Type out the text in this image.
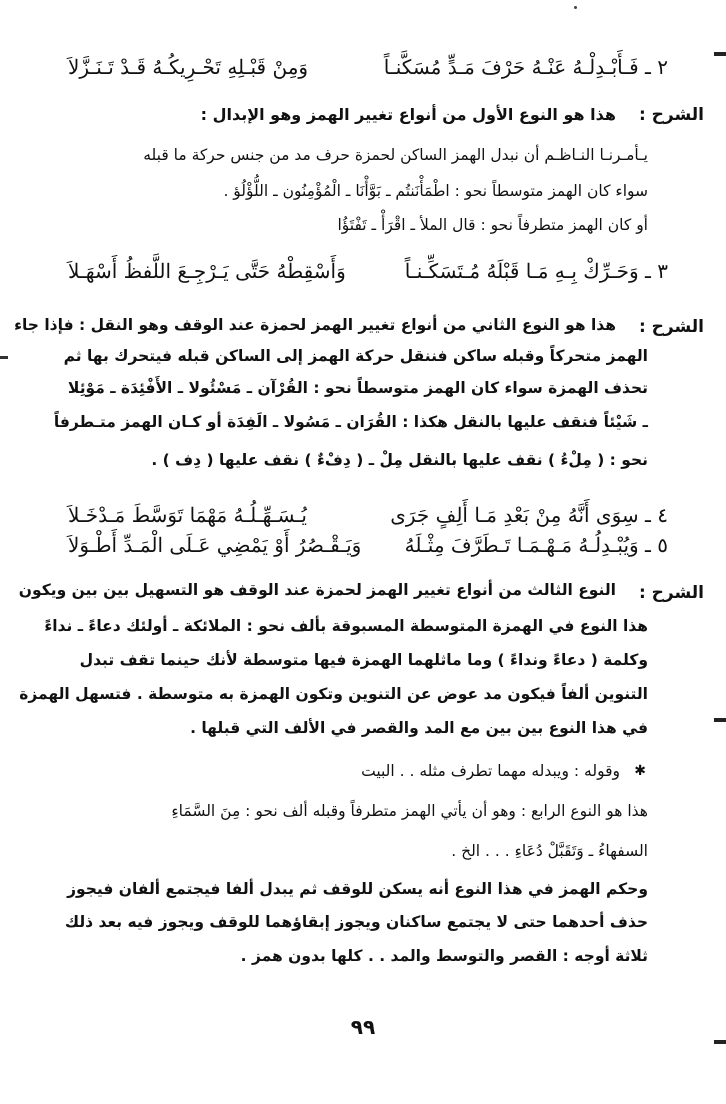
٢ ـ فَـأَبْـدِلْـهُ عَنْـهُ حَرْفَ مَـدٍّ مُسَكَّنـاً
وَمِنْ قَبْـلِهِ تَحْـرِيكُـهُ قَـدْ تَـنَـزَّلاَ
الشرح :
هذا هو النوع الأول من أنواع تغيير الهمز وهو الإبدال :
يـأمـرنـا النـاظـم أن نبدل الهمز الساكن لحمزة حرف مد من جنس حركة ما قبله
سواء كان الهمز متوسطاً نحو : اطْمَأْنَنتُم ـ بَوَّأْنَا ـ الْمُؤْمِنُون ـ اللُّؤْلُؤ .
أو كان الهمز متطرفاً نحو : قال الملأ ـ اقْرَأْ ـ تَفْتَؤُا
٣ ـ وَحَـرِّكْ بِـهِ مَـا قَبْلَهُ مُـتَسَكِّـنـاً
وَأَسْقِطْهُ حَتَّى يَـرْجِـعَ اللَّفظُ أَسْهَـلاَ
الشرح :
هذا هو النوع الثاني من أنواع تغيير الهمز لحمزة عند الوقف وهو النقل : فإذا جاء
الهمز متحركاً وقبله ساكن فننقل حركة الهمز إلى الساكن قبله فيتحرك بها ثم
تحذف الهمزة سواء كان الهمز متوسطاً نحو : القُرْآن ـ مَسْئُولا ـ الأَفْئِدَة ـ مَوْئِلا
ـ شَيْئاً فنقف عليها بالنقل هكذا : القُرَان ـ مَسُولا ـ الَفِدَة أو كـان الهمز متـطرفاً
نحو : ( مِلْءُ ) نقف عليها بالنقل مِلْ ـ ( دِفْءٌ ) نقف عليها ( دِف ) .
٤ ـ سِوَى أَنَّهُ مِنْ بَعْدِ مَـا أَلِفٍ جَرَى
يُـسَـهِّـلُـهُ مَهْمَا تَوَسَّطَ مَـدْخَـلاَ
٥ ـ وَيُبْـدِلُـهُ مَـهْـمَـا تَـطَرَّفَ مِثْـلَهُ
وَيَـقْـصُرُ أَوْ يَمْضِي عَـلَى الْمَـدِّ أَطْـوَلاَ
الشرح :
النوع الثالث من أنواع تغيير الهمز لحمزة عند الوقف هو التسهيل بين بين ويكون
هذا النوع في الهمزة المتوسطة المسبوقة بألف نحو : الملائكة ـ أولئك دعاءً ـ نداءً
وكلمة ( دعاءً ونداءً ) وما ماثلهما الهمزة فيها متوسطة لأنك حينما تقف تبدل
التنوين ألفاً فيكون مد عوض عن التنوين وتكون الهمزة به متوسطة . فتسهل الهمزة
في هذا النوع بين بين مع المد والقصر في الألف التي قبلها .
✱
وقوله : ويبدله مهما تطرف مثله . . البيت
هذا هو النوع الرابع : وهو أن يأتي الهمز متطرفاً وقبله ألف نحو : مِنَ السَّمَاءِ
السفهاءُ ـ وَتَقَبَّلْ دُعَاءِ . . . الخ .
وحكم الهمز في هذا النوع أنه يسكن للوقف ثم يبدل ألفا فيجتمع ألفان فيجوز
حذف أحدهما حتى لا يجتمع ساكنان ويجوز إبقاؤهما للوقف ويجوز فيه بعد ذلك
ثلاثة أوجه : القصر والتوسط والمد . . كلها بدون همز .
٩٩
